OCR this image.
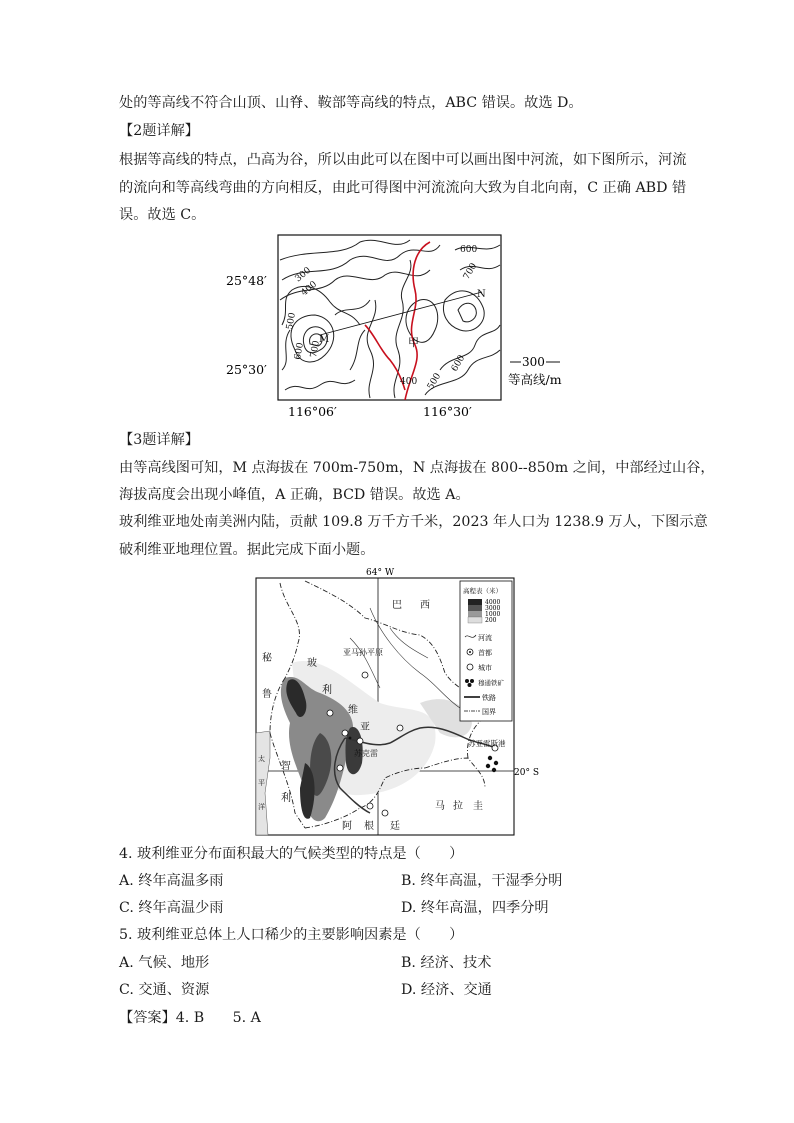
处的等高线不符合山顶、山脊、鞍部等高线的特点，ABC 错误。故选 D。
【2题详解】
根据等高线的特点，凸高为谷，所以由此可以在图中可以画出图中河流，如下图所示，河流
的流向和等高线弯曲的方向相反，由此可得图中河流流向大致为自北向南，C 正确 ABD 错
误。故选 C。
300
400
500
600 700
M
N
甲
600
700
400 500
600
25°48′
25°30′
116°06′	116°30′
300
等高线/m
【3题详解】
由等高线图可知，M 点海拔在 700m-750m，N 点海拔在 800--850m 之间，中部经过山谷，
海拔高度会出现小峰值，A 正确，BCD 错误。故选 A。
玻利维亚地处南美洲内陆，贡献 109.8 万千方千米，2023 年人口为 1238.9 万人，下图示意
破利维亚地理位置。据此完成下面小题。
64° W
20° S
巴 西
秘
鲁
玻
利
维
亚
智
利
阿 根 廷
马 拉 圭
太
平
洋
亚马孙平原
苏克雷
苏亚雷斯港
高程表（米）
4000
3000
1000
200
河流
首都
城市
穆通铁矿
铁路
国界
4. 玻利维亚分布面积最大的气候类型的特点是（　　）
A. 终年高温多雨	B. 终年高温，干湿季分明
C. 终年高温少雨	D. 终年高温，四季分明
5. 玻利维亚总体上人口稀少的主要影响因素是（　　）
A. 气候、地形	B. 经济、技术
C. 交通、资源	D. 经济、交通
【答案】4. B　　5. A
